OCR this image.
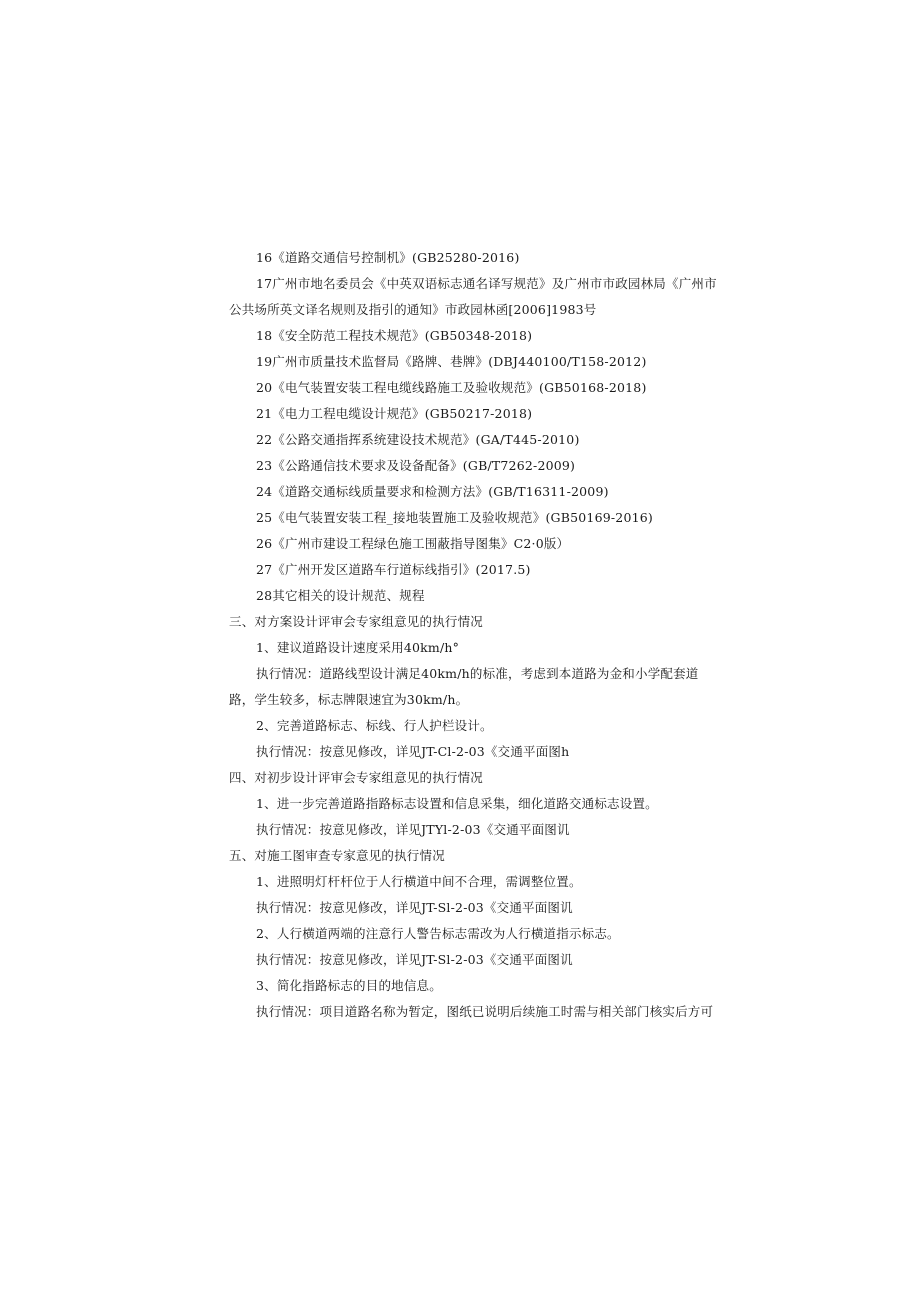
16《道路交通信号控制机》(GB25280-2016)
17广州市地名委员会《中英双语标志通名译写规范》及广州市市政园林局《广州市
公共场所英文译名规则及指引的通知》市政园林函[2006]1983号
18《安全防范工程技术规范》(GB50348-2018)
19广州市质量技术监督局《路牌、巷牌》(DBJ440100/T158-2012)
20《电气装置安装工程电缆线路施工及验收规范》(GB50168-2018)
21《电力工程电缆设计规范》(GB50217-2018)
22《公路交通指挥系统建设技术规范》(GA/T445-2010)
23《公路通信技术要求及设备配备》(GB/T7262-2009)
24《道路交通标线质量要求和检测方法》(GB/T16311-2009)
25《电气装置安装工程_接地装置施工及验收规范》(GB50169-2016)
26《广州市建设工程绿色施工围蔽指导图集》C2·0版）
27《广州开发区道路车行道标线指引》(2017.5)
28其它相关的设计规范、规程
三、对方案设计评审会专家组意见的执行情况
1、建议道路设计速度采用40km/h°
执行情况：道路线型设计满足40km/h的标准，考虑到本道路为金和小学配套道
路，学生较多，标志牌限速宜为30km/h。
2、完善道路标志、标线、行人护栏设计。
执行情况：按意见修改，详见JT-Cl-2-03《交通平面图h
四、对初步设计评审会专家组意见的执行情况
1、进一步完善道路指路标志设置和信息采集，细化道路交通标志设置。
执行情况：按意见修改，详见JTYl-2-03《交通平面图讥
五、对施工图审查专家意见的执行情况
1、进照明灯杆杆位于人行横道中间不合理，需调整位置。
执行情况：按意见修改，详见JT-Sl-2-03《交通平面图讥
2、人行横道两端的注意行人警告标志需改为人行横道指示标志。
执行情况：按意见修改，详见JT-Sl-2-03《交通平面图讥
3、简化指路标志的目的地信息。
执行情况：项目道路名称为暂定，图纸已说明后续施工时需与相关部门核实后方可
